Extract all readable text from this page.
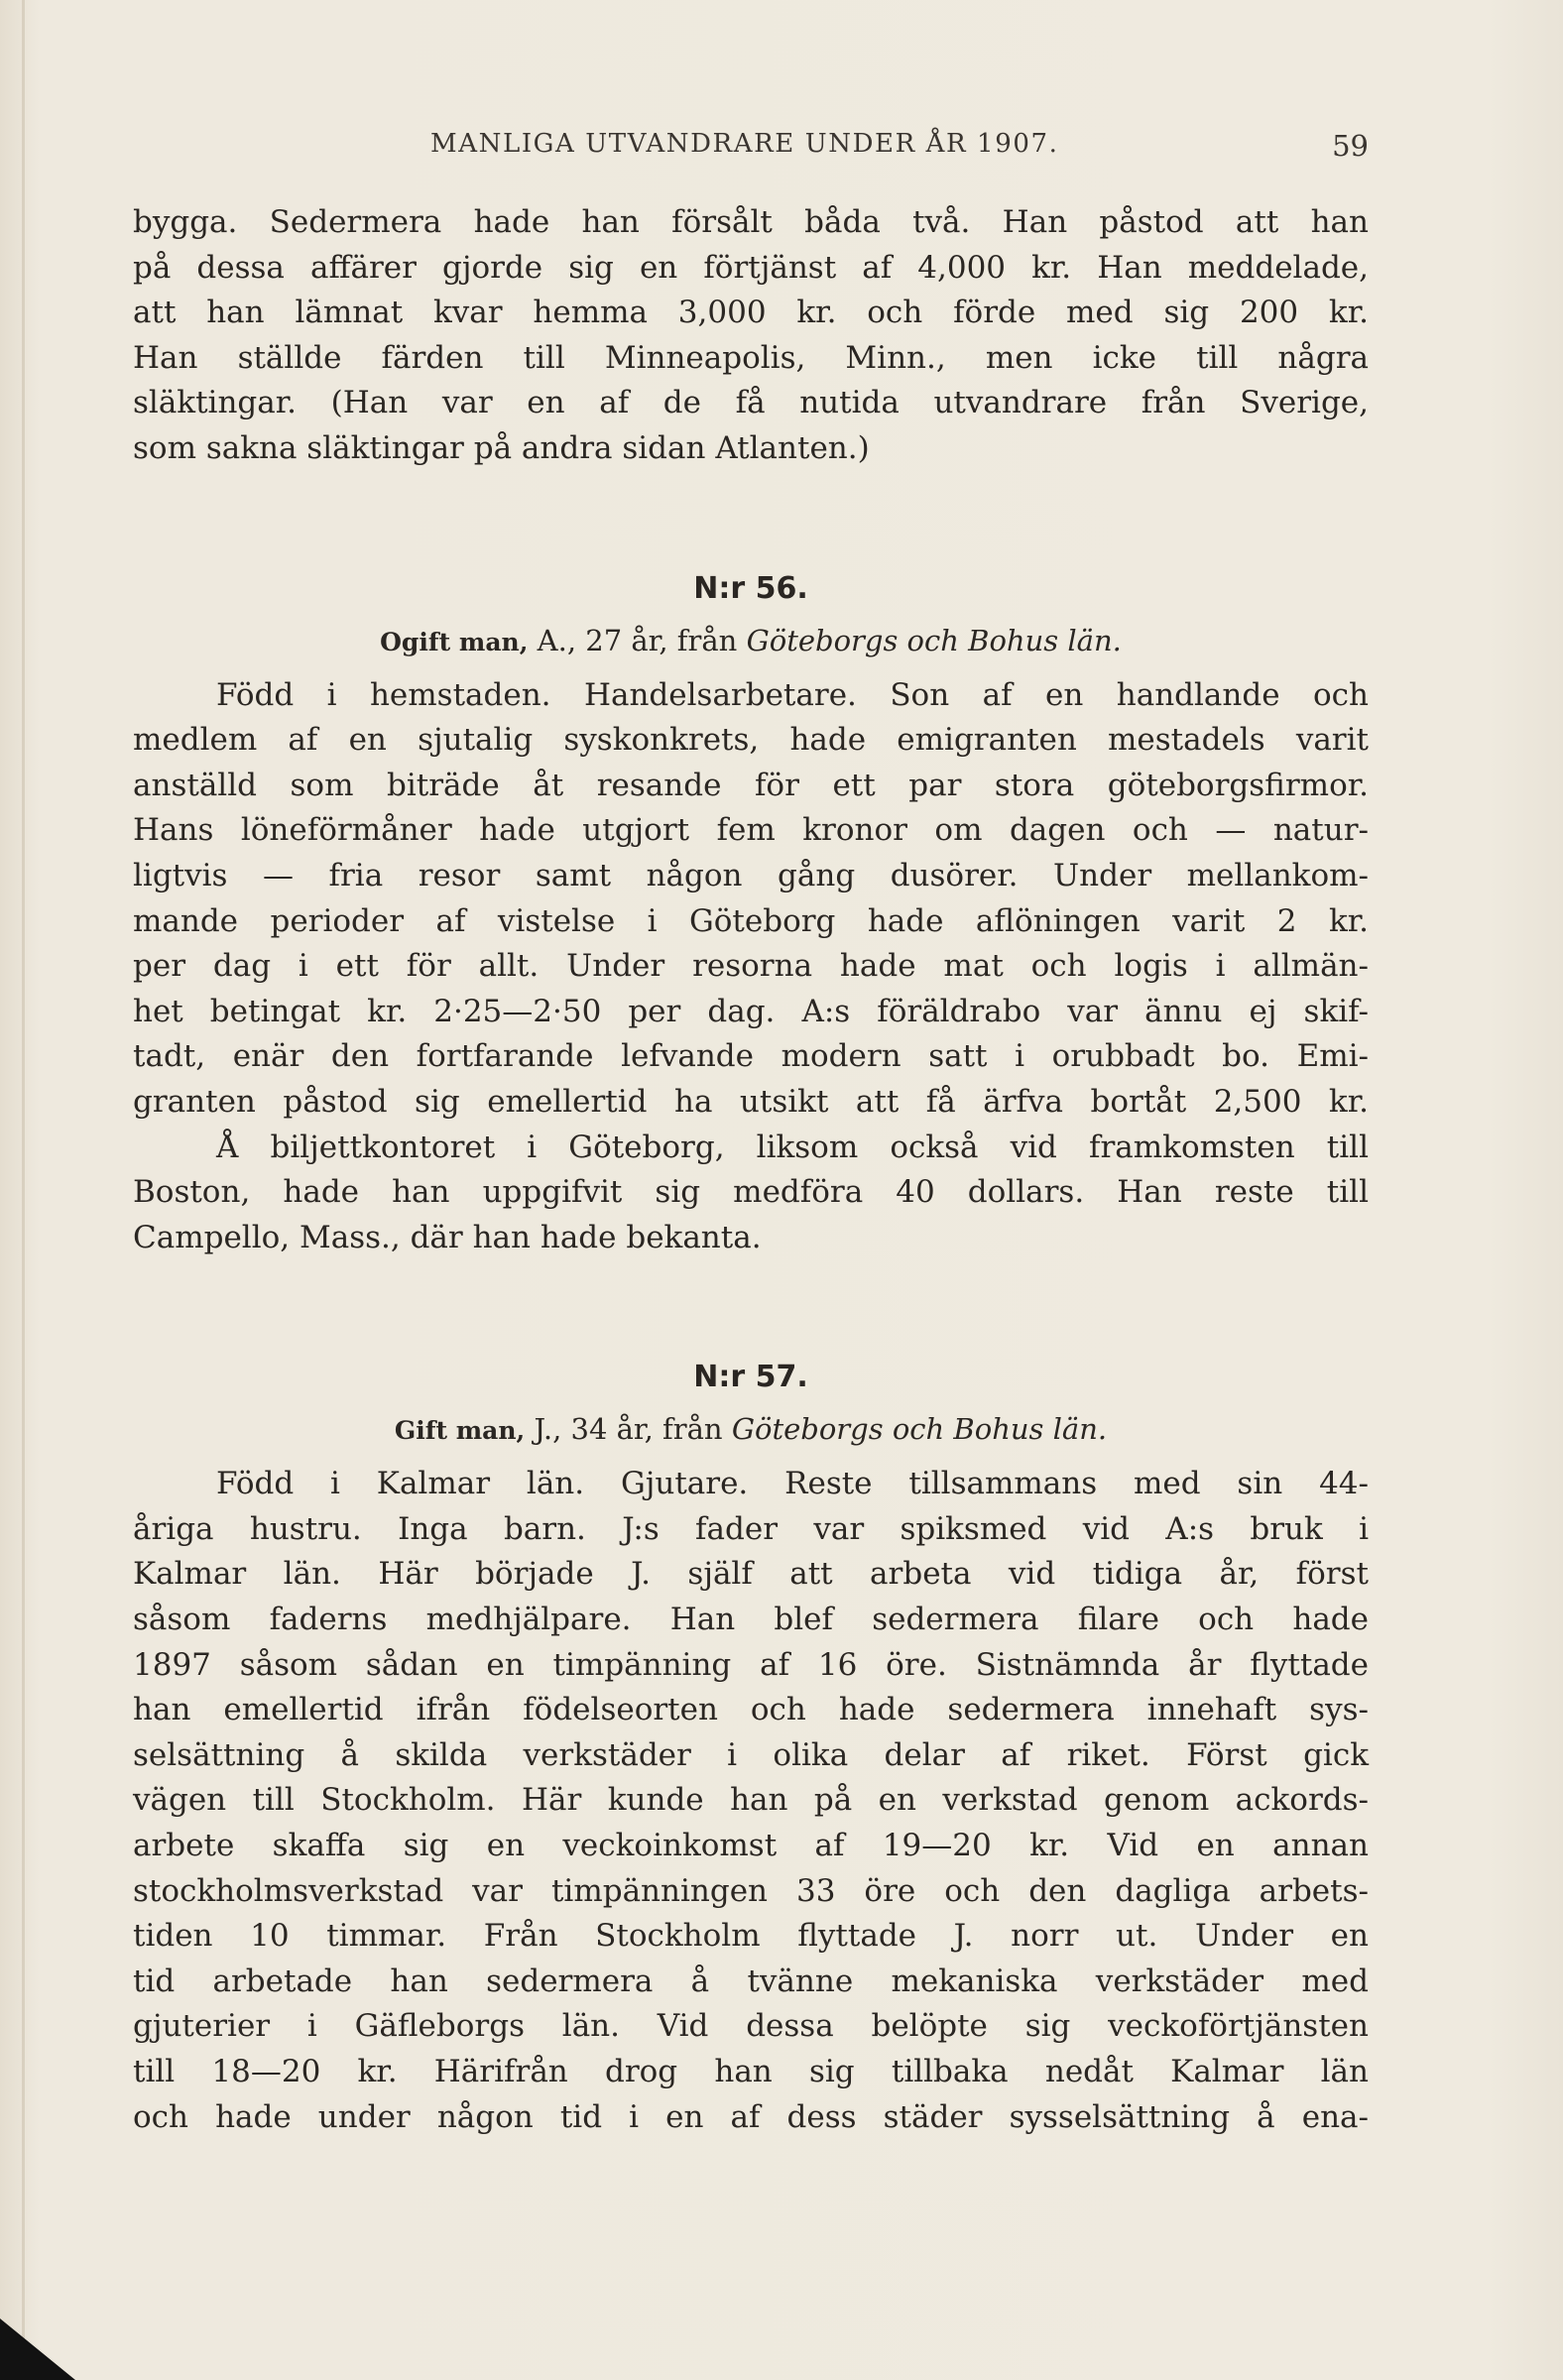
MANLIGA UTVANDRARE UNDER ÅR 1907.	59
bygga. Sedermera hade han försålt båda två. Han påstod att han
på dessa affärer gjorde sig en förtjänst af 4,000 kr. Han meddelade,
att han lämnat kvar hemma 3,000 kr. och förde med sig 200 kr.
Han ställde färden till Minneapolis, Minn., men icke till några
släktingar. (Han var en af de få nutida utvandrare från Sverige,
som sakna släktingar på andra sidan Atlanten.)

N:r 56.

Ogift man, A., 27 år, från Göteborgs och Bohus län.

Född i hemstaden. Handelsarbetare. Son af en handlande och
medlem af en sjutalig syskonkrets, hade emigranten mestadels varit
anställd som biträde åt resande för ett par stora göteborgsfirmor.
Hans löneförmåner hade utgjort fem kronor om dagen och — natur-
ligtvis — fria resor samt någon gång dusörer. Under mellankom-
mande perioder af vistelse i Göteborg hade aflöningen varit 2 kr.
per dag i ett för allt. Under resorna hade mat och logis i allmän-
het betingat kr. 2·25—2·50 per dag. A:s föräldrabo var ännu ej skif-
tadt, enär den fortfarande lefvande modern satt i orubbadt bo. Emi-
granten påstod sig emellertid ha utsikt att få ärfva bortåt 2,500 kr.
Å biljettkontoret i Göteborg, liksom också vid framkomsten till
Boston, hade han uppgifvit sig medföra 40 dollars. Han reste till
Campello, Mass., där han hade bekanta.

N:r 57.

Gift man, J., 34 år, från Göteborgs och Bohus län.

Född i Kalmar län. Gjutare. Reste tillsammans med sin 44-
åriga hustru. Inga barn. J:s fader var spiksmed vid A:s bruk i
Kalmar län. Här började J. själf att arbeta vid tidiga år, först
såsom faderns medhjälpare. Han blef sedermera filare och hade
1897 såsom sådan en timpänning af 16 öre. Sistnämnda år flyttade
han emellertid ifrån födelseorten och hade sedermera innehaft sys-
selsättning å skilda verkstäder i olika delar af riket. Först gick
vägen till Stockholm. Här kunde han på en verkstad genom ackords-
arbete skaffa sig en veckoinkomst af 19—20 kr. Vid en annan
stockholmsverkstad var timpänningen 33 öre och den dagliga arbets-
tiden 10 timmar. Från Stockholm flyttade J. norr ut. Under en
tid arbetade han sedermera å tvänne mekaniska verkstäder med
gjuterier i Gäfleborgs län. Vid dessa belöpte sig veckoförtjänsten
till 18—20 kr. Härifrån drog han sig tillbaka nedåt Kalmar län
och hade under någon tid i en af dess städer sysselsättning å ena-
